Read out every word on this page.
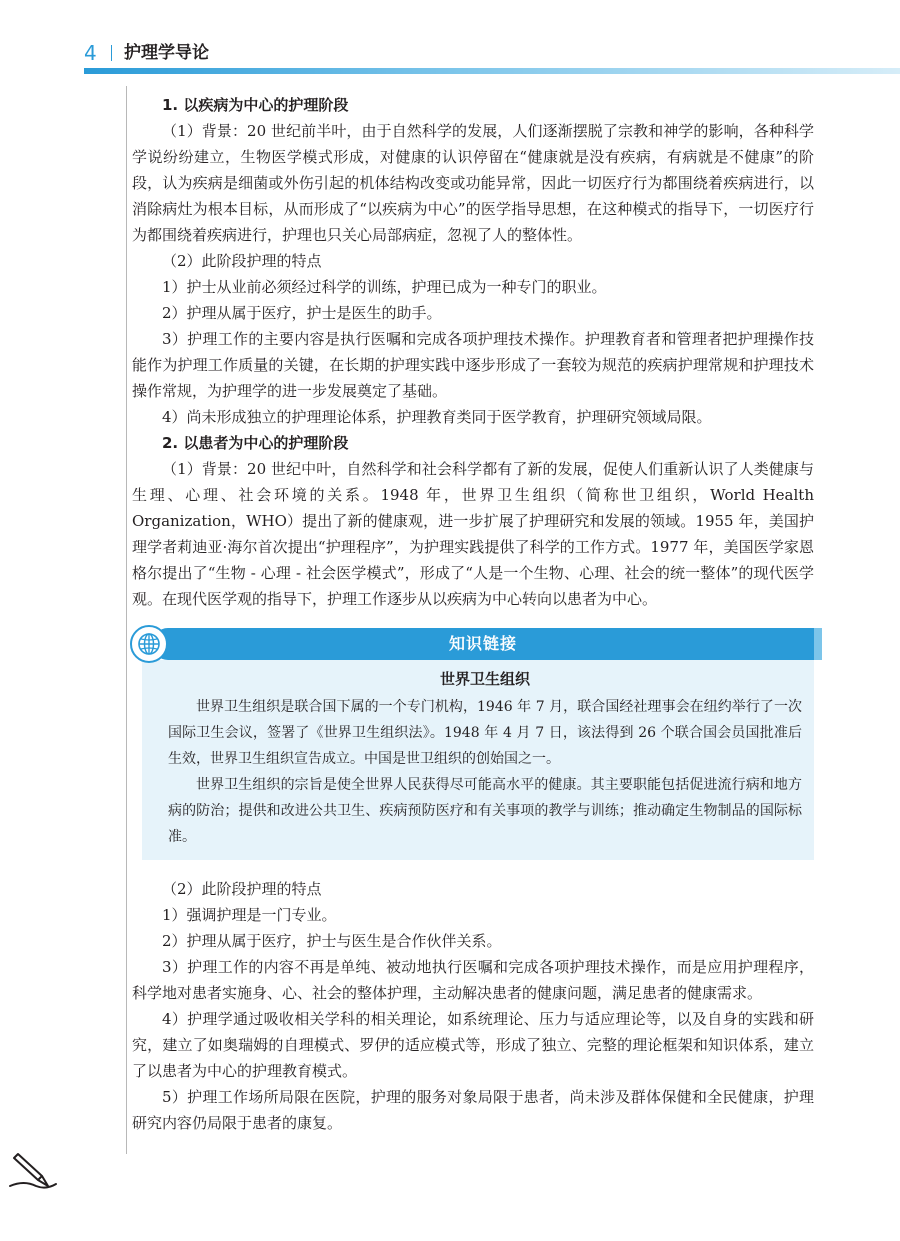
4 护理学导论

1. 以疾病为中心的护理阶段

（1）背景：20 世纪前半叶，由于自然科学的发展，人们逐渐摆脱了宗教和神学的影响，各种科学学说纷纷建立，生物医学模式形成，对健康的认识停留在“健康就是没有疾病，有病就是不健康”的阶段，认为疾病是细菌或外伤引起的机体结构改变或功能异常，因此一切医疗行为都围绕着疾病进行，以消除病灶为根本目标，从而形成了“以疾病为中心”的医学指导思想，在这种模式的指导下，一切医疗行为都围绕着疾病进行，护理也只关心局部病症，忽视了人的整体性。

（2）此阶段护理的特点

1）护士从业前必须经过科学的训练，护理已成为一种专门的职业。

2）护理从属于医疗，护士是医生的助手。

3）护理工作的主要内容是执行医嘱和完成各项护理技术操作。护理教育者和管理者把护理操作技能作为护理工作质量的关键，在长期的护理实践中逐步形成了一套较为规范的疾病护理常规和护理技术操作常规，为护理学的进一步发展奠定了基础。

4）尚未形成独立的护理理论体系，护理教育类同于医学教育，护理研究领域局限。

2. 以患者为中心的护理阶段

（1）背景：20 世纪中叶，自然科学和社会科学都有了新的发展，促使人们重新认识了人类健康与生理、心理、社会环境的关系。1948 年，世界卫生组织（简称世卫组织，World Health Organization，WHO）提出了新的健康观，进一步扩展了护理研究和发展的领域。1955 年，美国护理学者莉迪亚·海尔首次提出“护理程序”，为护理实践提供了科学的工作方式。1977 年，美国医学家恩格尔提出了“生物 - 心理 - 社会医学模式”，形成了“人是一个生物、心理、社会的统一整体”的现代医学观。在现代医学观的指导下，护理工作逐步从以疾病为中心转向以患者为中心。

知识链接

世界卫生组织

世界卫生组织是联合国下属的一个专门机构，1946 年 7 月，联合国经社理事会在纽约举行了一次国际卫生会议，签署了《世界卫生组织法》。1948 年 4 月 7 日，该法得到 26 个联合国会员国批准后生效，世界卫生组织宣告成立。中国是世卫组织的创始国之一。

世界卫生组织的宗旨是使全世界人民获得尽可能高水平的健康。其主要职能包括促进流行病和地方病的防治；提供和改进公共卫生、疾病预防医疗和有关事项的教学与训练；推动确定生物制品的国际标准。

（2）此阶段护理的特点

1）强调护理是一门专业。

2）护理从属于医疗，护士与医生是合作伙伴关系。

3）护理工作的内容不再是单纯、被动地执行医嘱和完成各项护理技术操作，而是应用护理程序，科学地对患者实施身、心、社会的整体护理，主动解决患者的健康问题，满足患者的健康需求。

4）护理学通过吸收相关学科的相关理论，如系统理论、压力与适应理论等，以及自身的实践和研究，建立了如奥瑞姆的自理模式、罗伊的适应模式等，形成了独立、完整的理论框架和知识体系，建立了以患者为中心的护理教育模式。

5）护理工作场所局限在医院，护理的服务对象局限于患者，尚未涉及群体保健和全民健康，护理研究内容仍局限于患者的康复。
